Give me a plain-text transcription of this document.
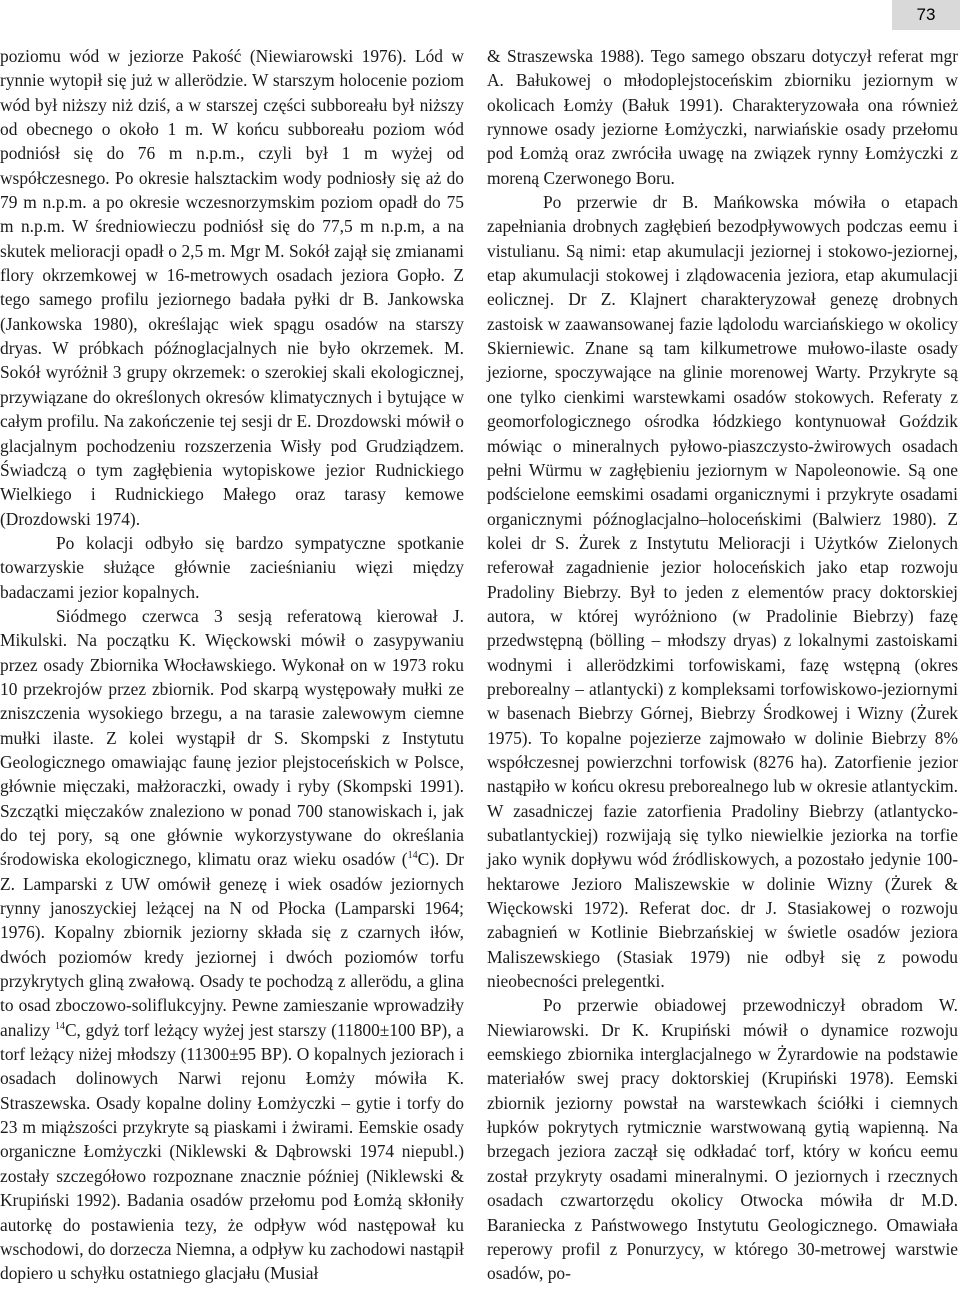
73

poziomu wód w jeziorze Pakość (Niewiarowski 1976). Lód w rynnie wytopił się już w allerödzie. W starszym holocenie poziom wód był niższy niż dziś, a w starszej części subboreału był niższy od obecnego o około 1 m. W końcu subboreału poziom wód podniósł się do 76 m n.p.m., czyli był 1 m wyżej od współczesnego. Po okresie halsztackim wody podniosły się aż do 79 m n.p.m. a po okresie wczesnorzymskim poziom opadł do 75 m n.p.m. W średniowieczu podniósł się do 77,5 m n.p.m, a na skutek melioracji opadł o 2,5 m. Mgr M. Sokół zajął się zmianami flory okrzemkowej w 16-metrowych osadach jeziora Gopło. Z tego samego profilu jeziornego badała pyłki dr B. Jankowska (Jankowska 1980), określając wiek spągu osadów na starszy dryas. W próbkach późnoglacjalnych nie było okrzemek. M. Sokół wyróżnił 3 grupy okrzemek: o szerokiej skali ekologicznej, przywiązane do określonych okresów klimatycznych i bytujące w całym profilu. Na zakończenie tej sesji dr E. Drozdowski mówił o glacjalnym pochodzeniu rozszerzenia Wisły pod Grudziądzem. Świadczą o tym zagłębienia wytopiskowe jezior Rudnickiego Wielkiego i Rudnickiego Małego oraz tarasy kemowe (Drozdowski 1974).

Po kolacji odbyło się bardzo sympatyczne spotkanie towarzyskie służące głównie zacieśnianiu więzi między badaczami jezior kopalnych.

Siódmego czerwca 3 sesją referatową kierował J. Mikulski. Na początku K. Więckowski mówił o zasypywaniu przez osady Zbiornika Włocławskiego. Wykonał on w 1973 roku 10 przekrojów przez zbiornik. Pod skarpą występowały mułki ze zniszczenia wysokiego brzegu, a na tarasie zalewowym ciemne mułki ilaste. Z kolei wystąpił dr S. Skompski z Instytutu Geologicznego omawiając faunę jezior plejstoceńskich w Polsce, głównie mięczaki, małżoraczki, owady i ryby (Skompski 1991). Szczątki mięczaków znaleziono w ponad 700 stanowiskach i, jak do tej pory, są one głównie wykorzystywane do określania środowiska ekologicznego, klimatu oraz wieku osadów ($^{14}$C). Dr Z. Lamparski z UW omówił genezę i wiek osadów jeziornych rynny janoszyckiej leżącej na N od Płocka (Lamparski 1964; 1976). Kopalny zbiornik jeziorny składa się z czarnych iłów, dwóch poziomów kredy jeziornej i dwóch poziomów torfu przykrytych gliną zwałową. Osady te pochodzą z allerödu, a glina to osad zboczowo-soliflukcyjny. Pewne zamieszanie wprowadziły analizy $^{14}$C, gdyż torf leżący wyżej jest starszy (11800±100 BP), a torf leżący niżej młodszy (11300±95 BP). O kopalnych jeziorach i osadach dolinowych Narwi rejonu Łomży mówiła K. Straszewska. Osady kopalne doliny Łomżyczki – gytie i torfy do 23 m miąższości przykryte są piaskami i żwirami. Eemskie osady organiczne Łomżyczki (Niklewski & Dąbrowski 1974 niepubl.) zostały szczegółowo rozpoznane znacznie później (Niklewski & Krupiński 1992). Badania osadów przełomu pod Łomżą skłoniły autorkę do postawienia tezy, że odpływ wód następował ku wschodowi, do dorzecza Niemna, a odpływ ku zachodowi nastąpił dopiero u schyłku ostatniego glacjału (Musiał

& Straszewska 1988). Tego samego obszaru dotyczył referat mgr A. Bałukowej o młodoplejstoceńskim zbiorniku jeziornym w okolicach Łomży (Bałuk 1991). Charakteryzowała ona również rynnowe osady jeziorne Łomżyczki, narwiańskie osady przełomu pod Łomżą oraz zwróciła uwagę na związek rynny Łomżyczki z moreną Czerwonego Boru.

Po przerwie dr B. Mańkowska mówiła o etapach zapełniania drobnych zagłębień bezodpływowych podczas eemu i vistulianu. Są nimi: etap akumulacji jeziornej i stokowo-jeziornej, etap akumulacji stokowej i zlądowacenia jeziora, etap akumulacji eolicznej. Dr Z. Klajnert charakteryzował genezę drobnych zastoisk w zaawansowanej fazie lądolodu warciańskiego w okolicy Skierniewic. Znane są tam kilkumetrowe mułowo-ilaste osady jeziorne, spoczywające na glinie morenowej Warty. Przykryte są one tylko cienkimi warstewkami osadów stokowych. Referaty z geomorfologicznego ośrodka łódzkiego kontynuował Goździk mówiąc o mineralnych pyłowo-piaszczysto-żwirowych osadach pełni Würmu w zagłębieniu jeziornym w Napoleonowie. Są one podścielone eemskimi osadami organicznymi i przykryte osadami organicznymi późnoglacjalno–holoceńskimi (Balwierz 1980). Z kolei dr S. Żurek z Instytutu Melioracji i Użytków Zielonych referował zagadnienie jezior holoceńskich jako etap rozwoju Pradoliny Biebrzy. Był to jeden z elementów pracy doktorskiej autora, w której wyróżniono (w Pradolinie Biebrzy) fazę przedwstępną (bölling – młodszy dryas) z lokalnymi zastoiskami wodnymi i allerödzkimi torfowiskami, fazę wstępną (okres preborealny – atlantycki) z kompleksami torfowiskowo-jeziornymi w basenach Biebrzy Górnej, Biebrzy Środkowej i Wizny (Żurek 1975). To kopalne pojezierze zajmowało w dolinie Biebrzy 8% współczesnej powierzchni torfowisk (8276 ha). Zatorfienie jezior nastąpiło w końcu okresu preborealnego lub w okresie atlantyckim. W zasadniczej fazie zatorfienia Pradoliny Biebrzy (atlantycko-subatlantyckiej) rozwijają się tylko niewielkie jeziorka na torfie jako wynik dopływu wód źródliskowych, a pozostało jedynie 100-hektarowe Jezioro Maliszewskie w dolinie Wizny (Żurek & Więckowski 1972). Referat doc. dr J. Stasiakowej o rozwoju zabagnień w Kotlinie Biebrzańskiej w świetle osadów jeziora Maliszewskiego (Stasiak 1979) nie odbył się z powodu nieobecności prelegentki.

Po przerwie obiadowej przewodniczył obradom W. Niewiarowski. Dr K. Krupiński mówił o dynamice rozwoju eemskiego zbiornika interglacjalnego w Żyrardowie na podstawie materiałów swej pracy doktorskiej (Krupiński 1978). Eemski zbiornik jeziorny powstał na warstewkach ściółki i ciemnych łupków pokrytych rytmicznie warstwowaną gytią wapienną. Na brzegach jeziora zaczął się odkładać torf, który w końcu eemu został przykryty osadami mineralnymi. O jeziornych i rzecznych osadach czwartorzędu okolicy Otwocka mówiła dr M.D. Baraniecka z Państwowego Instytutu Geologicznego. Omawiała reperowy profil z Ponurzycy, w którego 30-metrowej warstwie osadów, po-
